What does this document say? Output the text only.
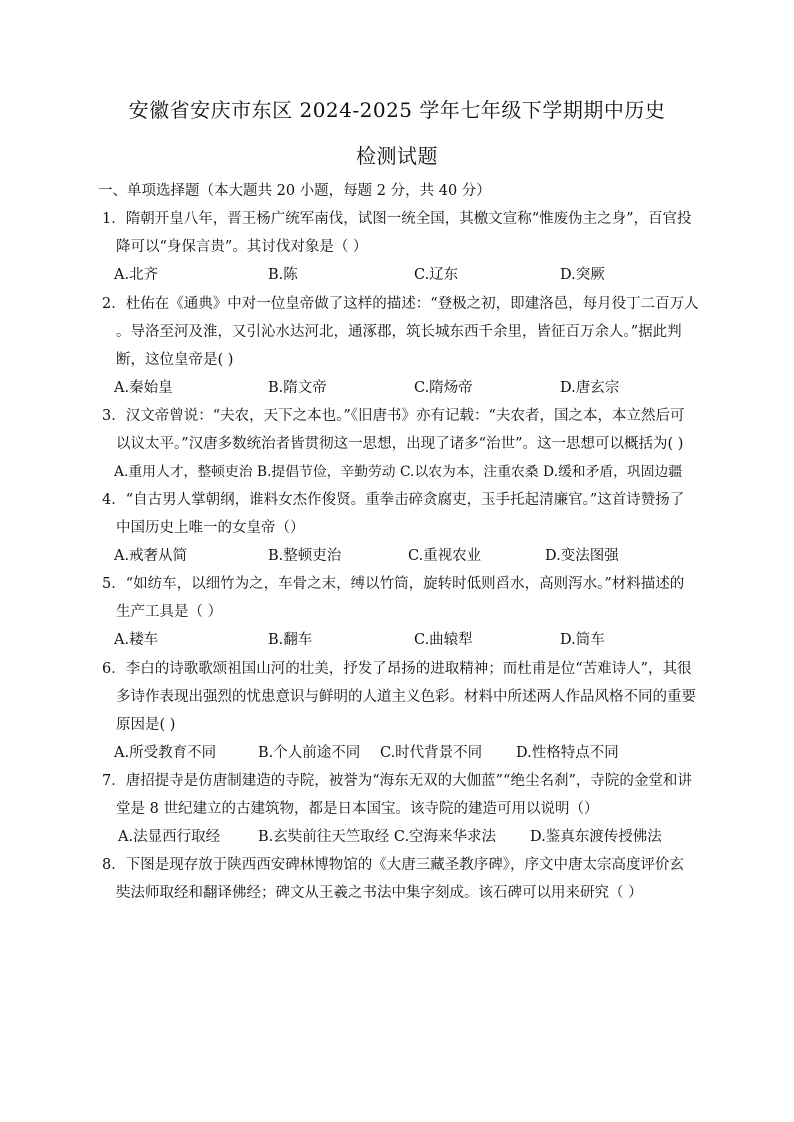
安徽省安庆市东区 2024-2025 学年七年级下学期期中历史
检测试题
一、单项选择题（本大题共 20 小题，每题 2 分，共 40 分）
1．隋朝开皇八年，晋王杨广统军南伐，试图一统全国，其檄文宣称“惟废伪主之身”，百官投
降可以“身保言贵”。其讨伐对象是（ ）
A.北齐	B.陈	C.辽东	D.突厥
2．杜佑在《通典》中对一位皇帝做了这样的描述：“登极之初，即建洛邑，每月役丁二百万人
。导洛至河及淮，又引沁水达河北，通涿郡，筑长城东西千余里，皆征百万余人。”据此判
断，这位皇帝是( )
A.秦始皇	B.隋文帝	C.隋炀帝	D.唐玄宗
3．汉文帝曾说：“夫农，天下之本也。”《旧唐书》亦有记载：“夫农者，国之本，本立然后可
以议太平。”汉唐多数统治者皆贯彻这一思想，出现了诸多“治世”。这一思想可以概括为( )
A.重用人才，整顿吏治 B.提倡节俭，辛勤劳动 C.以农为本，注重农桑 D.缓和矛盾，巩固边疆
4．“自古男人掌朝纲，谁料女杰作俊贤。重拳击碎贪腐吏，玉手托起清廉官。”这首诗赞扬了
中国历史上唯一的女皇帝（）
A.戒奢从简	B.整顿吏治	C.重视农业	D.变法图强
5．“如纺车，以细竹为之，车骨之末，缚以竹筒，旋转时低则舀水，高则泻水。”材料描述的
生产工具是（ ）
A.耧车	B.翻车	C.曲辕犁	D.筒车
6．李白的诗歌歌颂祖国山河的壮美，抒发了昂扬的进取精神；而杜甫是位“苦难诗人”，其很
多诗作表现出强烈的忧患意识与鲜明的人道主义色彩。材料中所述两人作品风格不同的重要
原因是( )
A.所受教育不同	B.个人前途不同 C.时代背景不同 D.性格特点不同
7．唐招提寺是仿唐制建造的寺院，被誉为“海东无双的大伽蓝”“绝尘名刹”，寺院的金堂和讲
堂是 8 世纪建立的古建筑物，都是日本国宝。该寺院的建造可用以说明（）
A.法显西行取经	B.玄奘前往天竺取经 C.空海来华求法 D.鉴真东渡传授佛法
8．下图是现存放于陕西西安碑林博物馆的《大唐三藏圣教序碑》，序文中唐太宗高度评价玄
奘法师取经和翻译佛经；碑文从王羲之书法中集字刻成。该石碑可以用来研究（ ）
